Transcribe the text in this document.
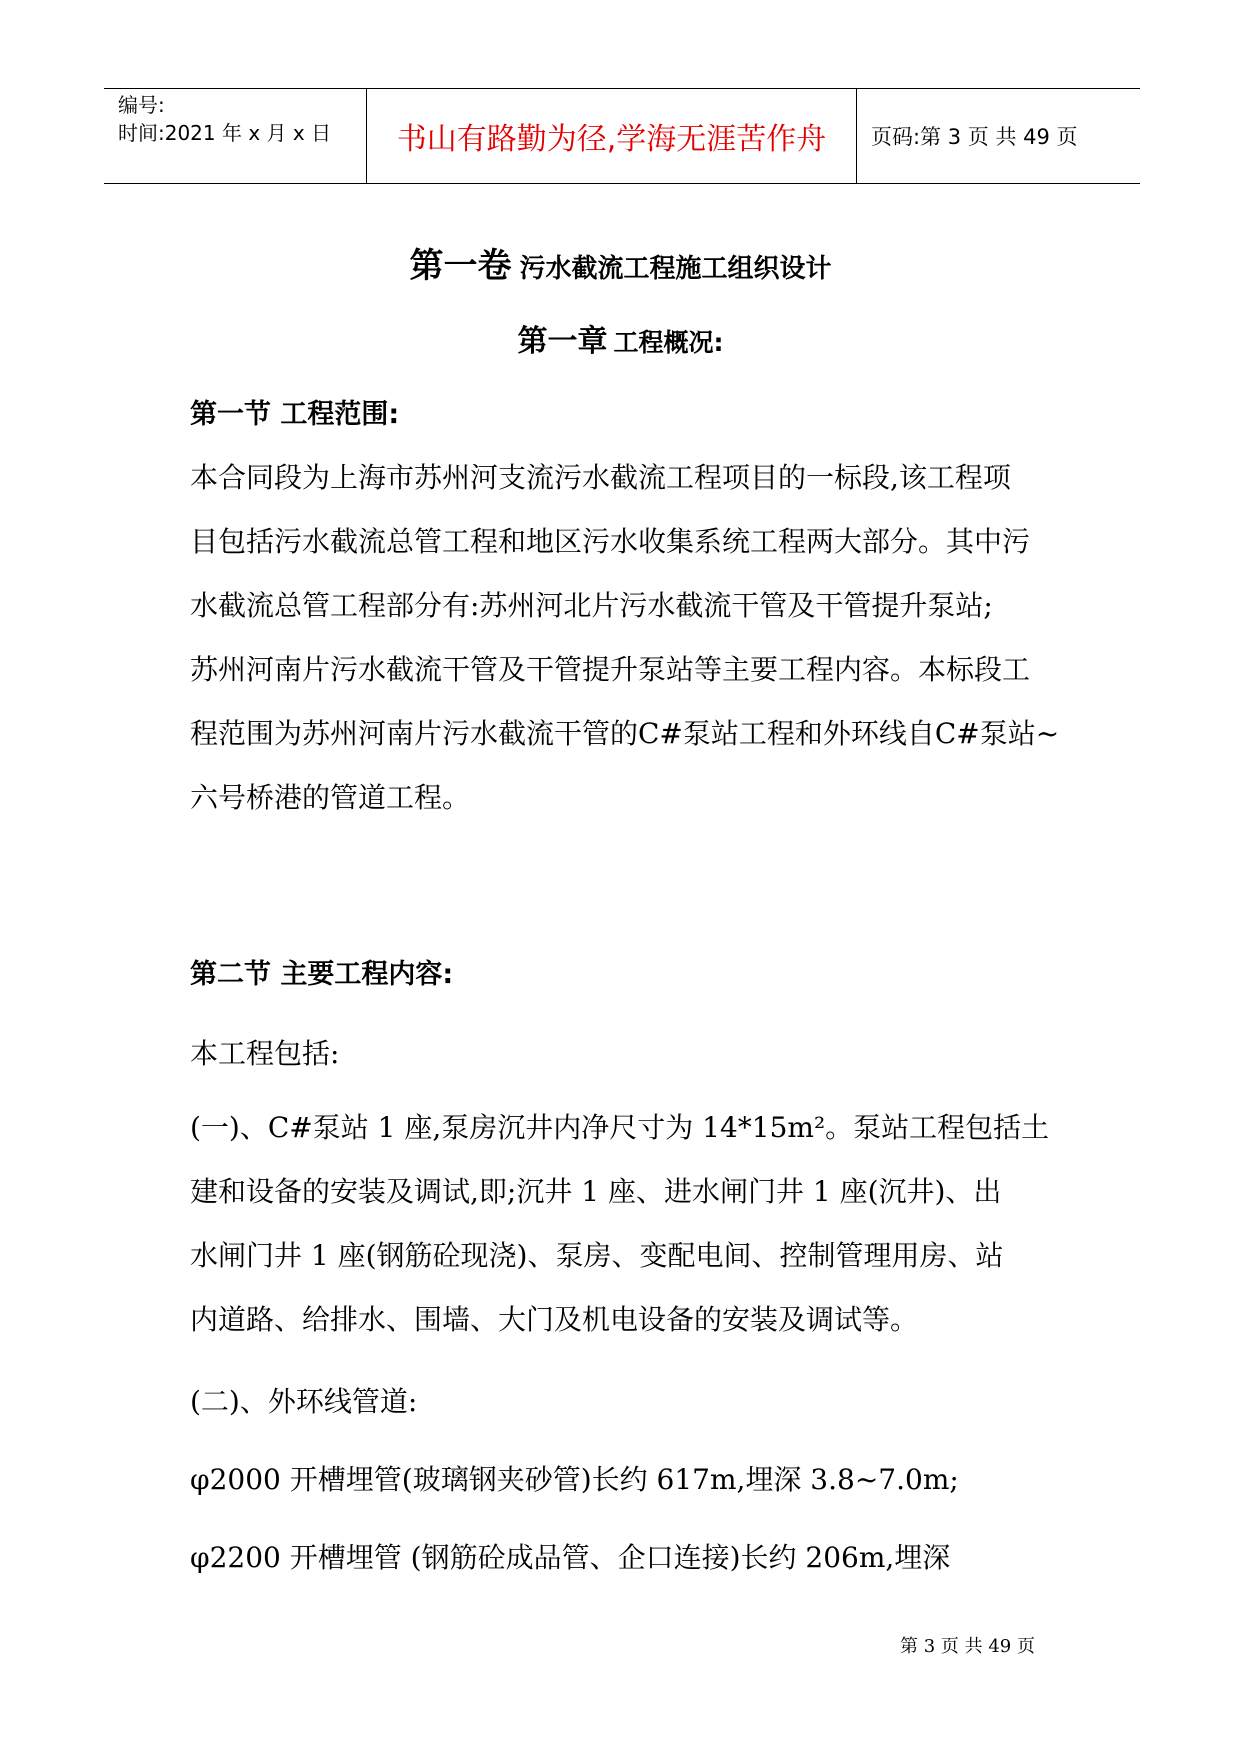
编号:
时间:2021 年 x 月 x 日	书山有路勤为径,学海无涯苦作舟	页码:第 3 页 共 49 页
第一卷 污水截流工程施工组织设计
第一章 工程概况:
第一节 工程范围:

本合同段为上海市苏州河支流污水截流工程项目的一标段,该工程项

目包括污水截流总管工程和地区污水收集系统工程两大部分。其中污

水截流总管工程部分有:苏州河北片污水截流干管及干管提升泵站;

苏州河南片污水截流干管及干管提升泵站等主要工程内容。本标段工

程范围为苏州河南片污水截流干管的C#泵站工程和外环线自C#泵站~

六号桥港的管道工程。

第二节 主要工程内容:
本工程包括:

(一)、C#泵站 1 座,泵房沉井内净尺寸为 14*15m²。泵站工程包括土

建和设备的安装及调试,即;沉井 1 座、进水闸门井 1 座(沉井)、出

水闸门井 1 座(钢筋砼现浇)、泵房、变配电间、控制管理用房、站

内道路、给排水、围墙、大门及机电设备的安装及调试等。

(二)、外环线管道:
φ2000 开槽埋管(玻璃钢夹砂管)长约 617m,埋深 3.8~7.0m;
φ2200 开槽埋管 (钢筋砼成品管、企口连接)长约 206m,埋深
第 3 页 共 49 页
